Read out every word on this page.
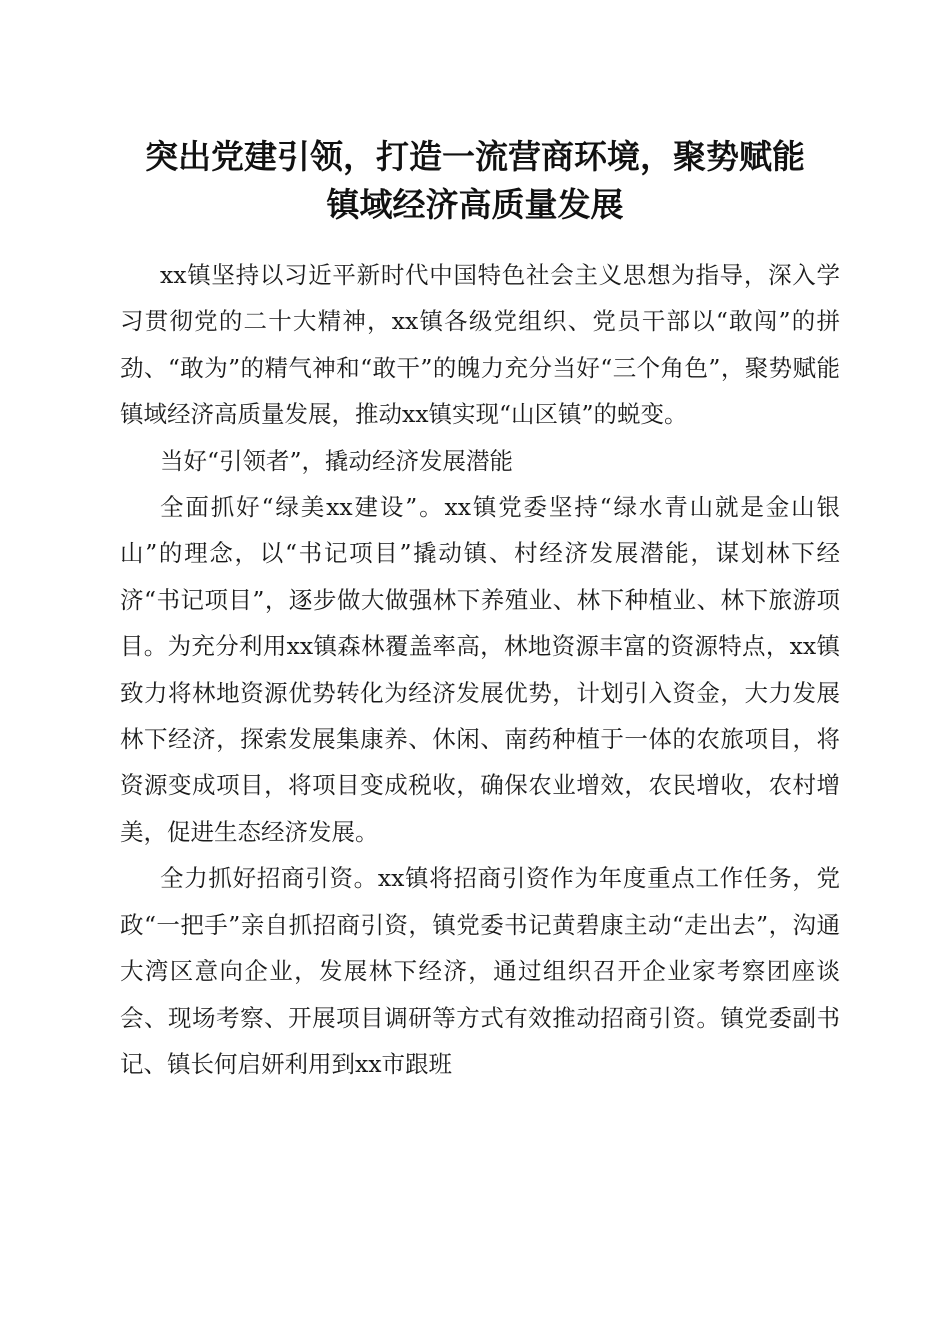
突出党建引领，打造一流营商环境，聚势赋能
镇域经济高质量发展

xx镇坚持以习近平新时代中国特色社会主义思想为指导，深入学习贯彻党的二十大精神，xx镇各级党组织、党员干部以“敢闯”的拼劲、“敢为”的精气神和“敢干”的魄力充分当好“三个角色”，聚势赋能镇域经济高质量发展，推动xx镇实现“山区镇”的蜕变。

当好“引领者”，撬动经济发展潜能

全面抓好“绿美xx建设”。xx镇党委坚持“绿水青山就是金山银山”的理念，以“书记项目”撬动镇、村经济发展潜能，谋划林下经济“书记项目”，逐步做大做强林下养殖业、林下种植业、林下旅游项目。为充分利用xx镇森林覆盖率高，林地资源丰富的资源特点，xx镇致力将林地资源优势转化为经济发展优势，计划引入资金，大力发展林下经济，探索发展集康养、休闲、南药种植于一体的农旅项目，将资源变成项目，将项目变成税收，确保农业增效，农民增收，农村增美，促进生态经济发展。

全力抓好招商引资。xx镇将招商引资作为年度重点工作任务，党政“一把手”亲自抓招商引资，镇党委书记黄碧康主动“走出去”，沟通大湾区意向企业，发展林下经济，通过组织召开企业家考察团座谈会、现场考察、开展项目调研等方式有效推动招商引资。镇党委副书记、镇长何启妍利用到xx市跟班
